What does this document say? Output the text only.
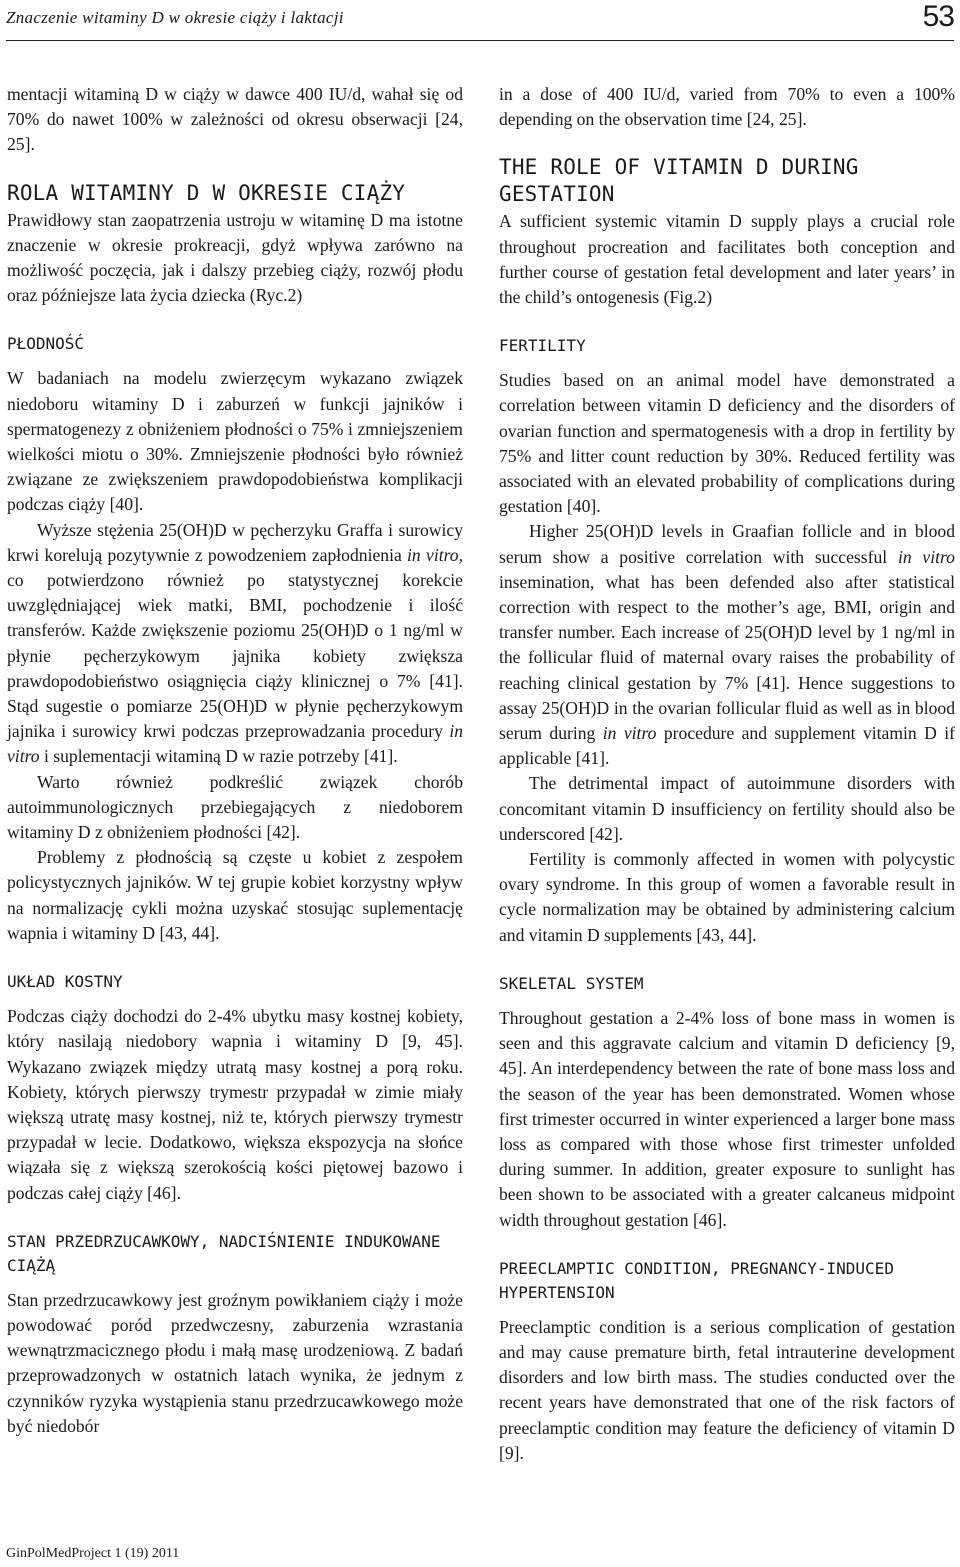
Znaczenie witaminy D w okresie ciąży i laktacji	53

mentacji witaminą D w ciąży w dawce 400 IU/d, wahał się od 70% do nawet 100% w zależności od okresu obserwacji [24, 25].

ROLA WITAMINY D W OKRESIE CIĄŻY

Prawidłowy stan zaopatrzenia ustroju w witaminę D ma istotne znaczenie w okresie prokreacji, gdyż wpływa zarówno na możliwość poczęcia, jak i dalszy przebieg ciąży, rozwój płodu oraz późniejsze lata życia dziecka (Ryc.2)

PŁODNOŚĆ

W badaniach na modelu zwierzęcym wykazano związek niedoboru witaminy D i zaburzeń w funkcji jajników i spermatogenezy z obniżeniem płodności o 75% i zmniejszeniem wielkości miotu o 30%. Zmniejszenie płodności było również związane ze zwiększeniem prawdopodobieństwa komplikacji podczas ciąży [40].

Wyższe stężenia 25(OH)D w pęcherzyku Graffa i surowicy krwi korelują pozytywnie z powodzeniem zapłodnienia in vitro, co potwierdzono również po statystycznej korekcie uwzględniającej wiek matki, BMI, pochodzenie i ilość transferów. Każde zwiększenie poziomu 25(OH)D o 1 ng/ml w płynie pęcherzykowym jajnika kobiety zwiększa prawdopodobieństwo osiągnięcia ciąży klinicznej o 7% [41]. Stąd sugestie o pomiarze 25(OH)D w płynie pęcherzykowym jajnika i surowicy krwi podczas przeprowadzania procedury in vitro i suplementacji witaminą D w razie potrzeby [41].

Warto również podkreślić związek chorób autoimmunologicznych przebiegających z niedoborem witaminy D z obniżeniem płodności [42].

Problemy z płodnością są częste u kobiet z zespołem policystycznych jajników. W tej grupie kobiet korzystny wpływ na normalizację cykli można uzyskać stosując suplementację wapnia i witaminy D [43, 44].

UKŁAD KOSTNY

Podczas ciąży dochodzi do 2-4% ubytku masy kostnej kobiety, który nasilają niedobory wapnia i witaminy D [9, 45]. Wykazano związek między utratą masy kostnej a porą roku. Kobiety, których pierwszy trymestr przypadał w zimie miały większą utratę masy kostnej, niż te, których pierwszy trymestr przypadał w lecie. Dodatkowo, większa ekspozycja na słońce wiązała się z większą szerokością kości piętowej bazowo i podczas całej ciąży [46].

STAN PRZEDRZUCAWKOWY, NADCIŚNIENIE INDUKOWANE CIĄŻĄ

Stan przedrzucawkowy jest groźnym powikłaniem ciąży i może powodować poród przedwczesny, zaburzenia wzrastania wewnątrzmacicznego płodu i małą masę urodzeniową. Z badań przeprowadzonych w ostatnich latach wynika, że jednym z czynników ryzyka wystąpienia stanu przedrzucawkowego może być niedobór

in a dose of 400 IU/d, varied from 70% to even a 100% depending on the observation time [24, 25].

THE ROLE OF VITAMIN D DURING GESTATION

A sufficient systemic vitamin D supply plays a crucial role throughout procreation and facilitates both conception and further course of gestation fetal development and later years’ in the child’s ontogenesis (Fig.2)

FERTILITY

Studies based on an animal model have demonstrated a correlation between vitamin D deficiency and the disorders of ovarian function and spermatogenesis with a drop in fertility by 75% and litter count reduction by 30%. Reduced fertility was associated with an elevated probability of complications during gestation [40].

Higher 25(OH)D levels in Graafian follicle and in blood serum show a positive correlation with successful in vitro insemination, what has been defended also after statistical correction with respect to the mother’s age, BMI, origin and transfer number. Each increase of 25(OH)D level by 1 ng/ml in the follicular fluid of maternal ovary raises the probability of reaching clinical gestation by 7% [41]. Hence suggestions to assay 25(OH)D in the ovarian follicular fluid as well as in blood serum during in vitro procedure and supplement vitamin D if applicable [41].

The detrimental impact of autoimmune disorders with concomitant vitamin D insufficiency on fertility should also be underscored [42].

Fertility is commonly affected in women with polycystic ovary syndrome. In this group of women a favorable result in cycle normalization may be obtained by administering calcium and vitamin D supplements [43, 44].

SKELETAL SYSTEM

Throughout gestation a 2-4% loss of bone mass in women is seen and this aggravate calcium and vitamin D deficiency [9, 45]. An interdependency between the rate of bone mass loss and the season of the year has been demonstrated. Women whose first trimester occurred in winter experienced a larger bone mass loss as compared with those whose first trimester unfolded during summer. In addition, greater exposure to sunlight has been shown to be associated with a greater calcaneus midpoint width throughout gestation [46].

PREECLAMPTIC CONDITION, PREGNANCY-INDUCED HYPERTENSION

Preeclamptic condition is a serious complication of gestation and may cause premature birth, fetal intrauterine development disorders and low birth mass. The studies conducted over the recent years have demonstrated that one of the risk factors of preeclamptic condition may feature the deficiency of vitamin D [9].

GinPolMedProject 1 (19) 2011
